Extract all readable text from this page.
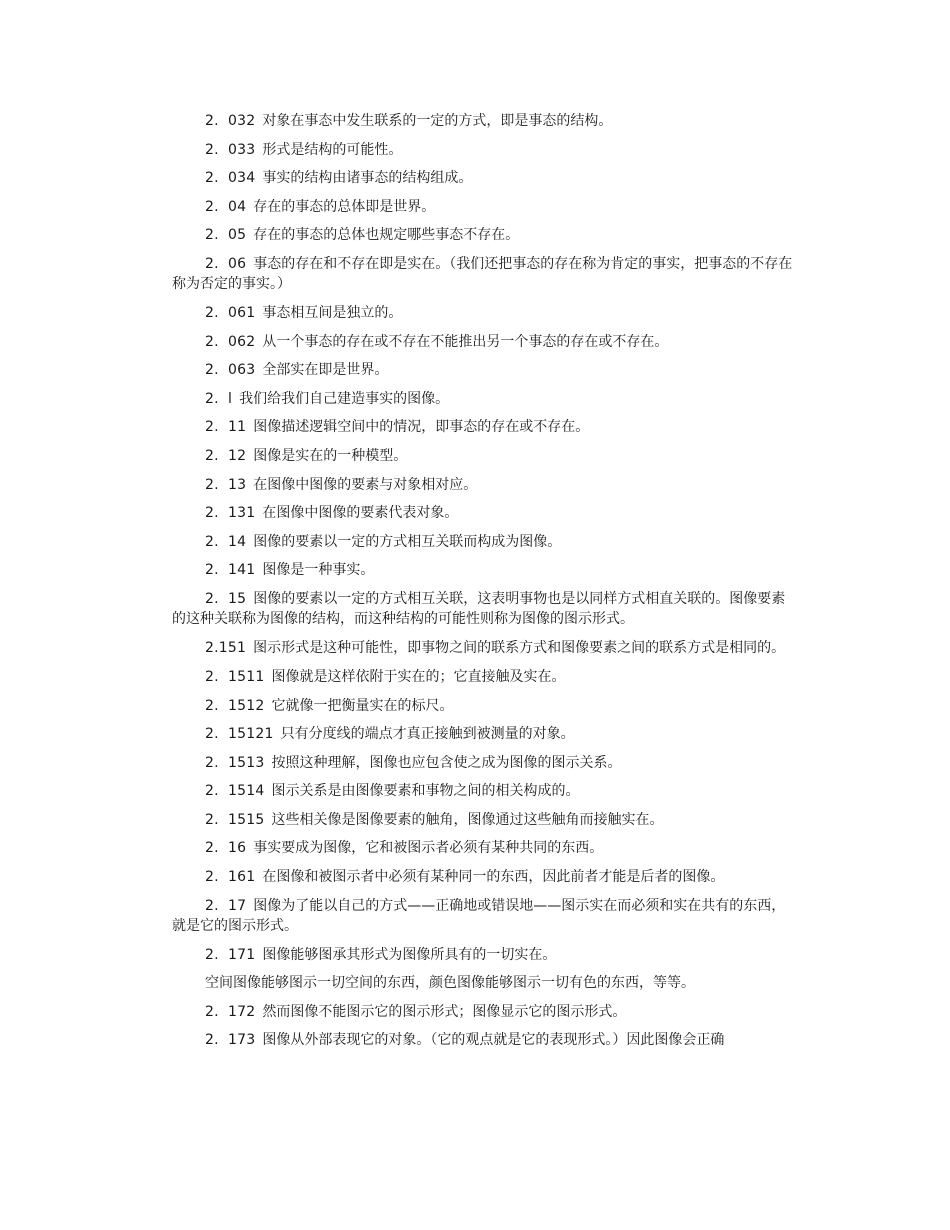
2.  032 对象在事态中发生联系的一定的方式，即是事态的结构。

2.  033 形式是结构的可能性。

2.  034 事实的结构由诸事态的结构组成。

2.  04 存在的事态的总体即是世界。

2.  05 存在的事态的总体也规定哪些事态不存在。

2.  06 事态的存在和不存在即是实在。（我们还把事态的存在称为肯定的事实，把事态的不存在称为否定的事实。）

2.  061 事态相互间是独立的。

2.  062 从一个事态的存在或不存在不能推出另一个事态的存在或不存在。

2.  063 全部实在即是世界。

2.  l 我们给我们自己建造事实的图像。

2.  11 图像描述逻辑空间中的情况，即事态的存在或不存在。

2.  12 图像是实在的一种模型。

2.  13 在图像中图像的要素与对象相对应。

2.  131 在图像中图像的要素代表对象。

2.  14 图像的要素以一定的方式相互关联而构成为图像。

2.  141 图像是一种事实。

2.  15 图像的要素以一定的方式相互关联，这表明事物也是以同样方式相直关联的。图像要素的这种关联称为图像的结构，而这种结构的可能性则称为图像的图示形式。

2.151 图示形式是这种可能性，即事物之间的联系方式和图像要素之间的联系方式是相同的。

2.  1511 图像就是这样依附于实在的；它直接触及实在。

2.  1512 它就像一把衡量实在的标尺。

2.  15121 只有分度线的端点才真正接触到被测量的对象。

2.  1513 按照这种理解，图像也应包含使之成为图像的图示关系。

2.  1514 图示关系是由图像要素和事物之间的相关构成的。

2.  1515 这些相关像是图像要素的触角，图像通过这些触角而接触实在。

2.  16 事实要成为图像，它和被图示者必须有某种共同的东西。

2.  161 在图像和被图示者中必须有某种同一的东西，因此前者才能是后者的图像。

2.  17 图像为了能以自己的方式——正确地或错误地——图示实在而必须和实在共有的东西，就是它的图示形式。

2.  171 图像能够图承其形式为图像所具有的一切实在。

空间图像能够图示一切空间的东西，颜色图像能够图示一切有色的东西，等等。

2.  172 然而图像不能图示它的图示形式；图像显示它的图示形式。

2.  173 图像从外部表现它的对象。（它的观点就是它的表现形式。）因此图像会正确
